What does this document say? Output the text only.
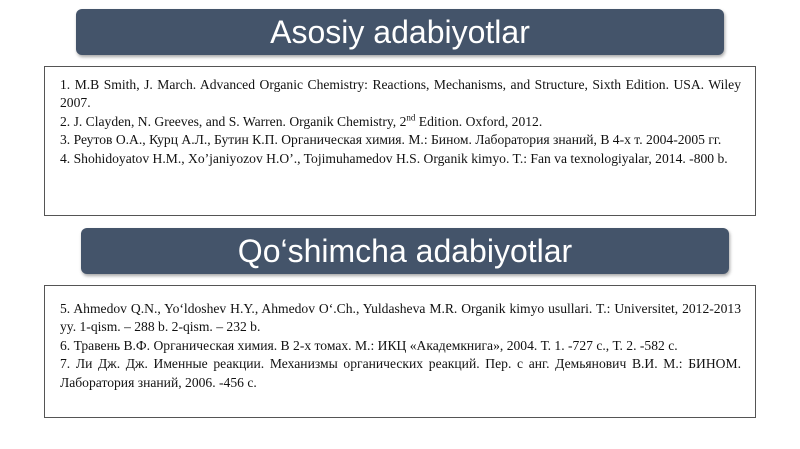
Asosiy adabiyotlar

1. M.B Smith, J. March. Advanced Organic Chemistry: Reactions, Mechanisms, and Structure, Sixth Edition. USA. Wiley 2007.

2. J. Clayden, N. Greeves, and S. Warren. Organik Chemistry, 2nd Edition. Oxford, 2012.

3. Реутов О.А., Курц А.Л., Бутин К.П. Органическая химия. М.: Бином. Лаборатория знаний, В 4-х т. 2004-2005 гг.

4. Shohidoyatov H.M., Xo’janiyozov H.O’., Tojimuhamedov H.S. Organik kimyo. T.: Fan va texnologiyalar, 2014. -800 b.

Qo‘shimcha adabiyotlar

5. Ahmedov Q.N., Yo‘ldoshev H.Y., Ahmedov O‘.Ch., Yuldasheva M.R. Organik kimyo usullari. T.: Universitet, 2012-2013 yy. 1-qism. – 288 b. 2-qism. – 232 b.

6. Травень В.Ф. Органическая химия. В 2-х томах. М.: ИКЦ «Академкнига», 2004. Т. 1. -727 с., Т. 2. -582 с.

7. Ли Дж. Дж. Именные реакции. Механизмы органических реакций. Пер. с анг. Демьянович В.И. М.: БИНОМ. Лаборатория знаний, 2006. -456 с.
